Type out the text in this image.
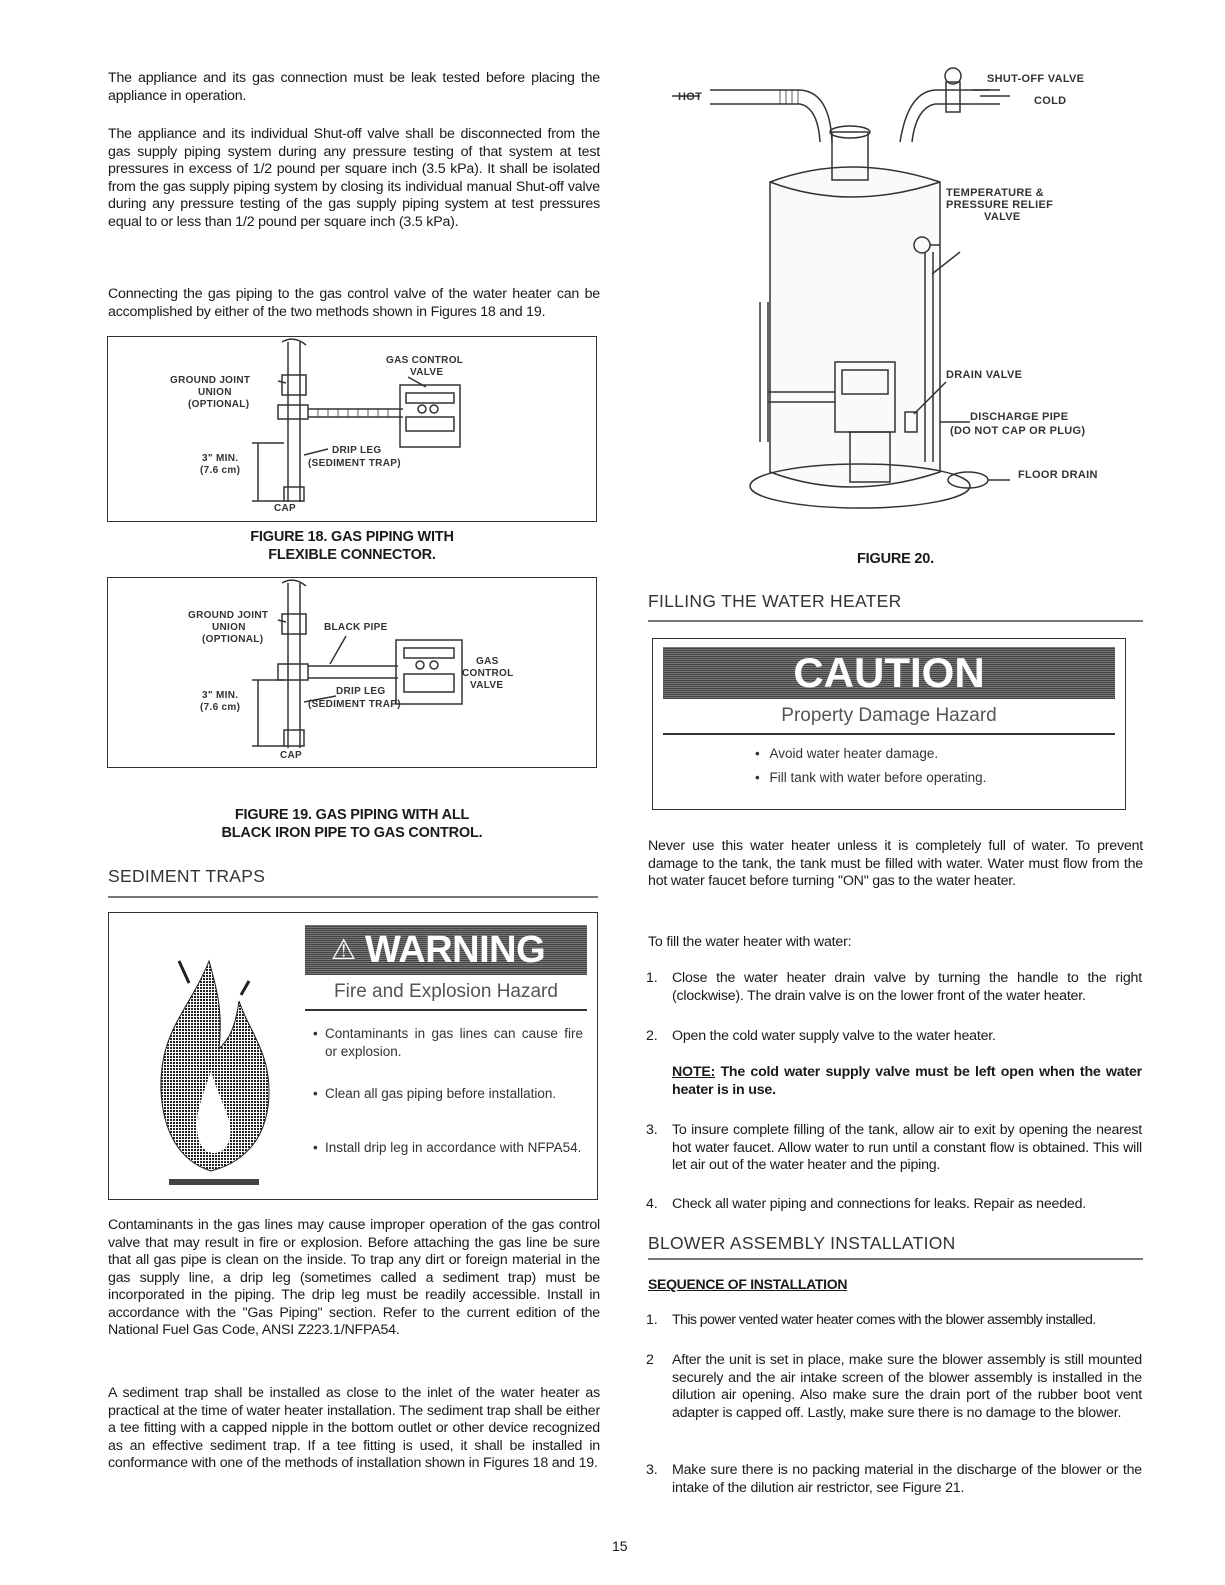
The appliance and its gas connection must be leak tested before placing the appliance in operation.

The appliance and its individual Shut-off valve shall be disconnected from the gas supply piping system during any pressure testing of that system at test pressures in excess of 1/2 pound per square inch (3.5 kPa). It shall be isolated from the gas supply piping system by closing its individual manual Shut-off valve during any pressure testing of the gas supply piping system at test pressures equal to or less than 1/2 pound per square inch (3.5 kPa).

Connecting the gas piping to the gas control valve of the water heater can be accomplished by either of the two methods shown in Figures 18 and 19.

GROUND JOINT
UNION
(OPTIONAL)
GAS CONTROL
VALVE
3" MIN.
(7.6 cm)
DRIP LEG
(SEDIMENT TRAP)
CAP
FIGURE 18. GAS PIPING WITH
FLEXIBLE CONNECTOR.
GROUND JOINT
UNION
(OPTIONAL)
BLACK PIPE
GAS
CONTROL
VALVE
3" MIN.
(7.6 cm)
DRIP LEG
(SEDIMENT TRAP)
CAP
FIGURE 19. GAS PIPING WITH ALL
BLACK IRON PIPE TO GAS CONTROL.
SEDIMENT TRAPS
⚠ WARNING
Fire and Explosion Hazard
• Contaminants in gas lines can cause fire or explosion.
• Clean all gas piping before installation.
• Install drip leg in accordance with NFPA54.

Contaminants in the gas lines may cause improper operation of the gas control valve that may result in fire or explosion. Before attaching the gas line be sure that all gas pipe is clean on the inside. To trap any dirt or foreign material in the gas supply line, a drip leg (sometimes called a sediment trap) must be incorporated in the piping. The drip leg must be readily accessible. Install in accordance with the "Gas Piping" section. Refer to the current edition of the National Fuel Gas Code, ANSI Z223.1/NFPA54.

A sediment trap shall be installed as close to the inlet of the water heater as practical at the time of water heater installation. The sediment trap shall be either a tee fitting with a capped nipple in the bottom outlet or other device recognized as an effective sediment trap. If a tee fitting is used, it shall be installed in conformance with one of the methods of installation shown in Figures 18 and 19.

HOT
SHUT-OFF VALVE
COLD
TEMPERATURE &
PRESSURE RELIEF
VALVE
DRAIN VALVE
DISCHARGE PIPE
(DO NOT CAP OR PLUG)
FLOOR DRAIN
FIGURE 20.
FILLING THE WATER HEATER
CAUTION
Property Damage Hazard
• Avoid water heater damage.
• Fill tank with water before operating.

Never use this water heater unless it is completely full of water. To prevent damage to the tank, the tank must be filled with water. Water must flow from the hot water faucet before turning "ON" gas to the water heater.

To fill the water heater with water:

1. Close the water heater drain valve by turning the handle to the right (clockwise). The drain valve is on the lower front of the water heater.
2. Open the cold water supply valve to the water heater.
NOTE: The cold water supply valve must be left open when the water heater is in use.
3. To insure complete filling of the tank, allow air to exit by opening the nearest hot water faucet. Allow water to run until a constant flow is obtained. This will let air out of the water heater and the piping.
4. Check all water piping and connections for leaks. Repair as needed.
BLOWER ASSEMBLY INSTALLATION
SEQUENCE OF INSTALLATION
1. This power vented water heater comes with the blower assembly installed.
2 After the unit is set in place, make sure the blower assembly is still mounted securely and the air intake screen of the blower assembly is installed in the dilution air opening. Also make sure the drain port of the rubber boot vent adapter is capped off. Lastly, make sure there is no damage to the blower.
3. Make sure there is no packing material in the discharge of the blower or the intake of the dilution air restrictor, see Figure 21.
15
